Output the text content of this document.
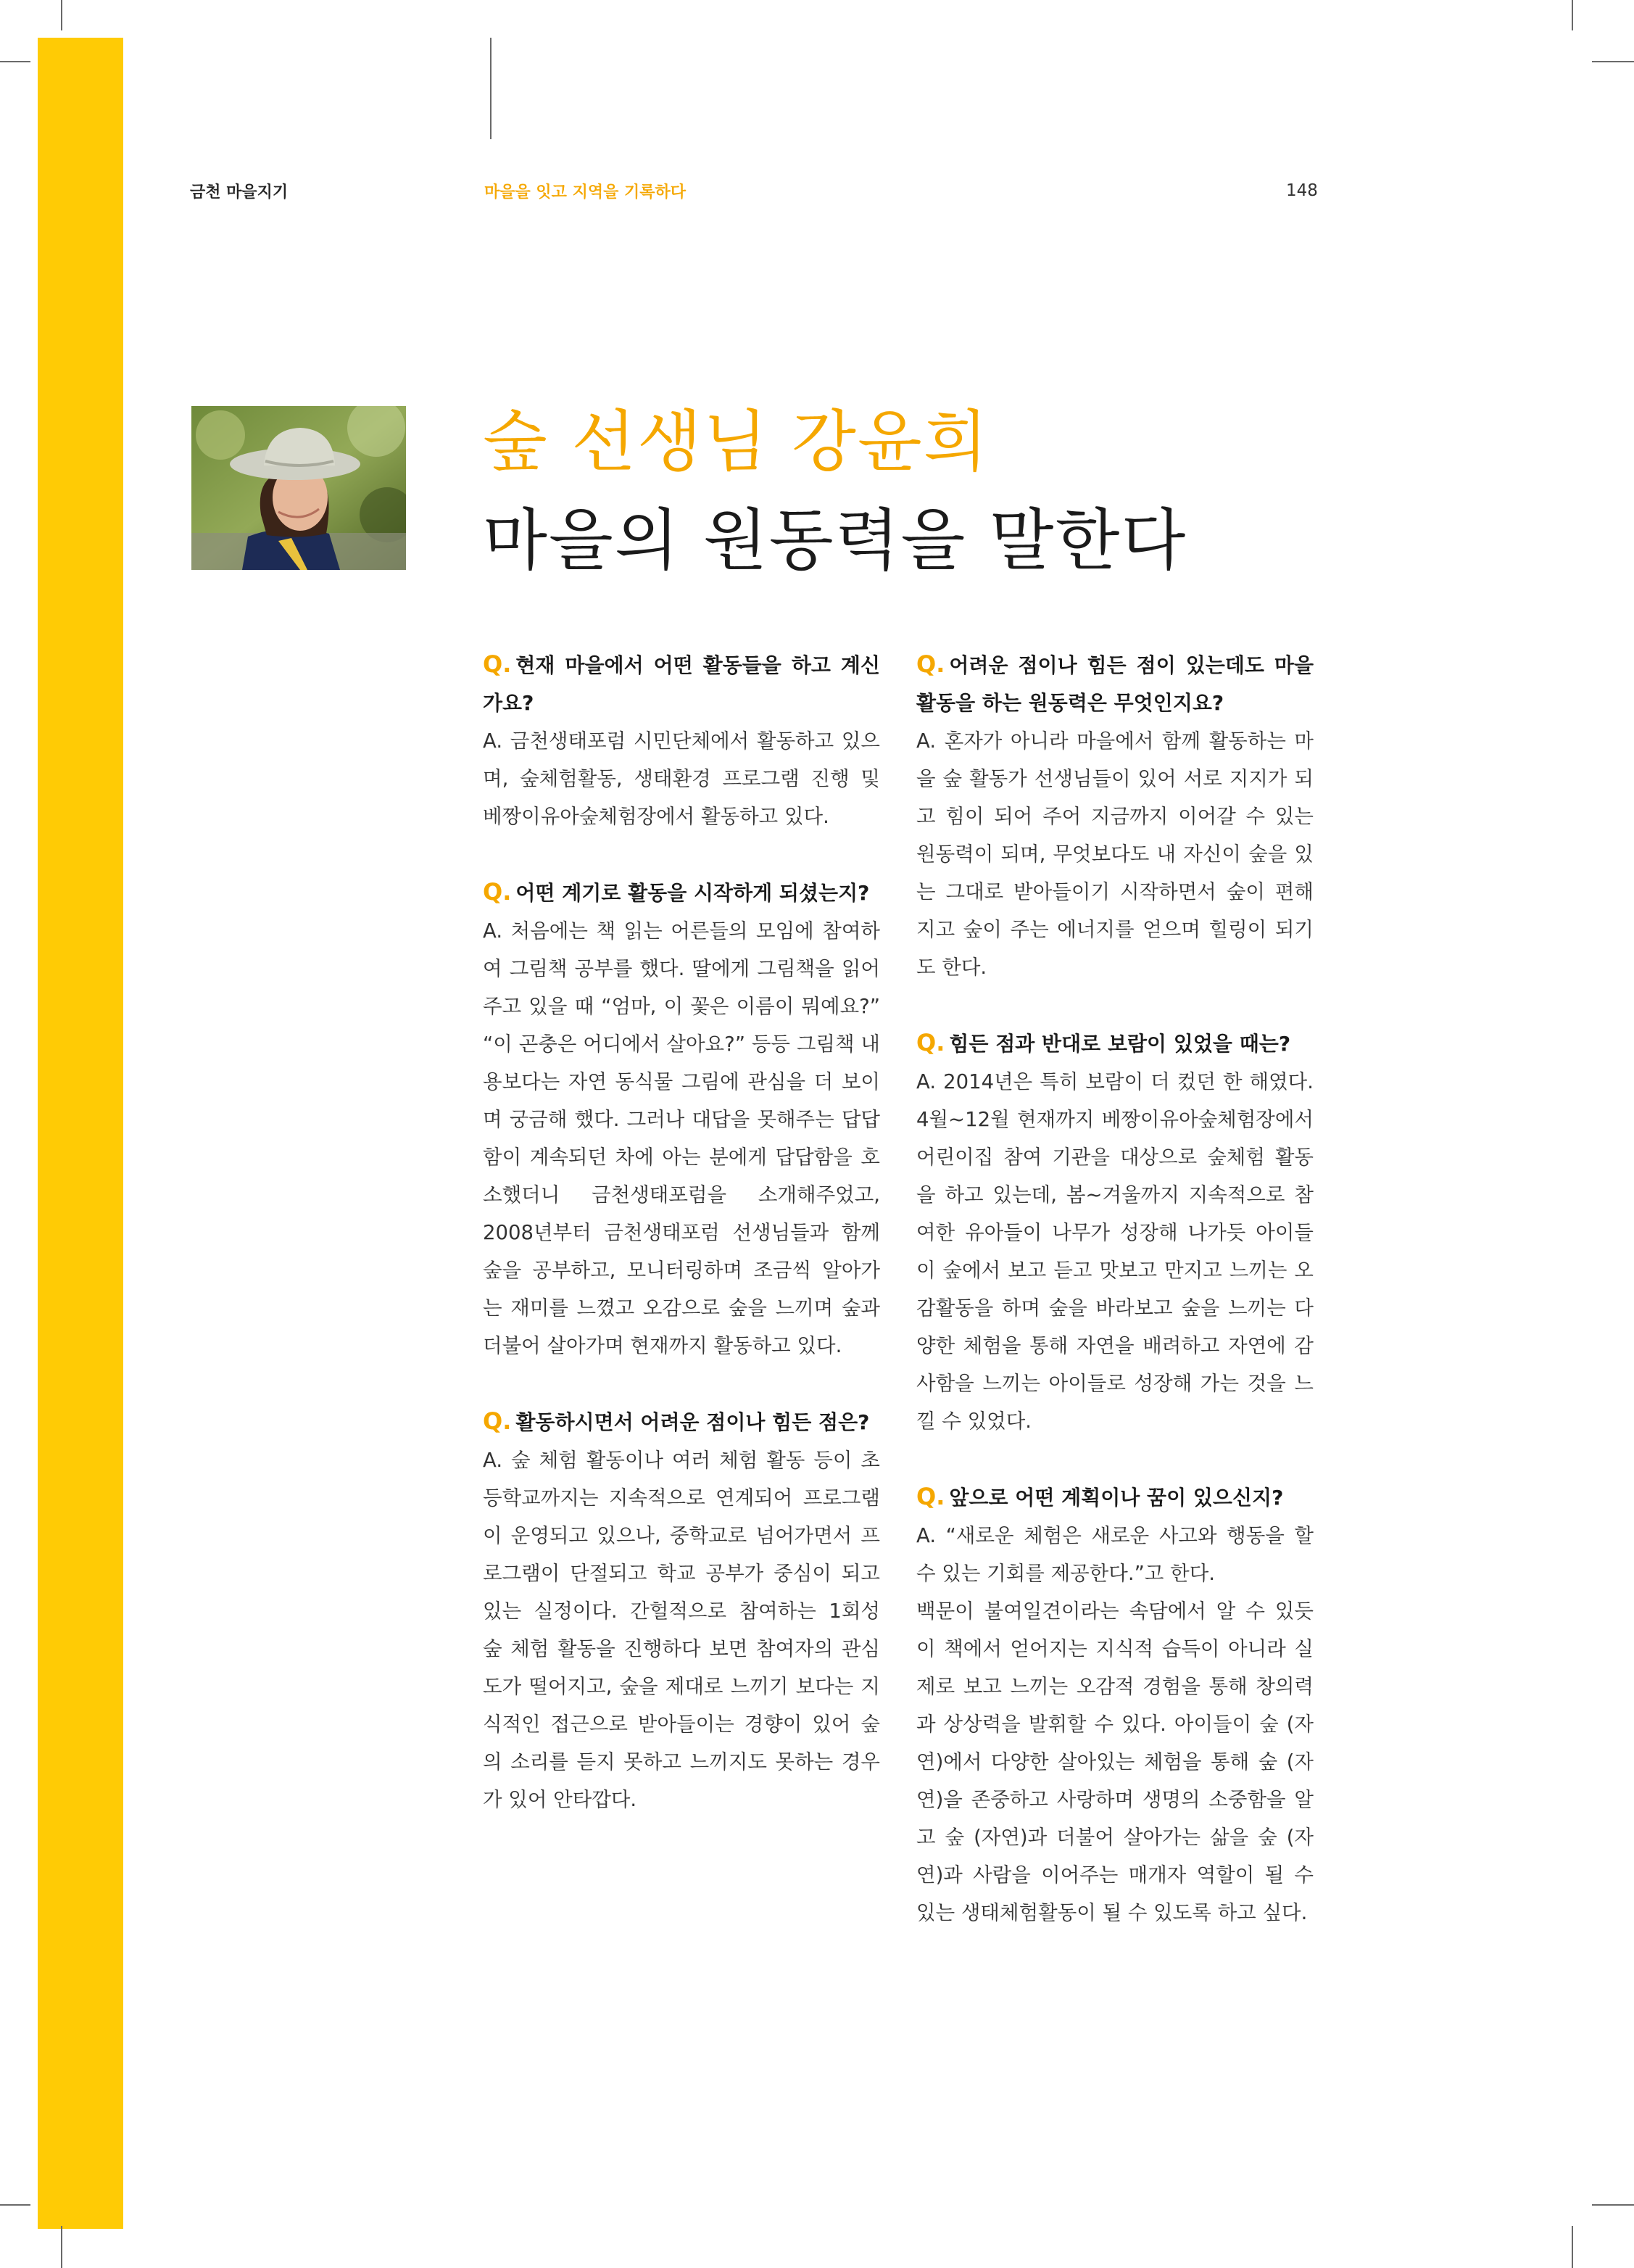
금천 마을지기	마을을 잇고 지역을 기록하다	148
숲 선생님 강윤희
마을의 원동력을 말한다
Q. 현재 마을에서 어떤 활동들을 하고 계신가요?

A. 금천생태포럼 시민단체에서 활동하고 있으며, 숲체험활동, 생태환경 프로그램 진행 및 베짱이유아숲체험장에서 활동하고 있다.

Q. 어떤 계기로 활동을 시작하게 되셨는지?

A. 처음에는 책 읽는 어른들의 모임에 참여하여 그림책 공부를 했다. 딸에게 그림책을 읽어주고 있을 때 “엄마, 이 꽃은 이름이 뭐예요?” “이 곤충은 어디에서 살아요?” 등등 그림책 내용보다는 자연 동식물 그림에 관심을 더 보이며 궁금해 했다. 그러나 대답을 못해주는 답답함이 계속되던 차에 아는 분에게 답답함을 호소했더니 금천생태포럼을 소개해주었고, 2008년부터 금천생태포럼 선생님들과 함께 숲을 공부하고, 모니터링하며 조금씩 알아가는 재미를 느꼈고 오감으로 숲을 느끼며 숲과 더불어 살아가며 현재까지 활동하고 있다.

Q. 활동하시면서 어려운 점이나 힘든 점은?

A. 숲 체험 활동이나 여러 체험 활동 등이 초등학교까지는 지속적으로 연계되어 프로그램이 운영되고 있으나, 중학교로 넘어가면서 프로그램이 단절되고 학교 공부가 중심이 되고 있는 실정이다. 간헐적으로 참여하는 1회성 숲 체험 활동을 진행하다 보면 참여자의 관심도가 떨어지고, 숲을 제대로 느끼기 보다는 지식적인 접근으로 받아들이는 경향이 있어 숲의 소리를 듣지 못하고 느끼지도 못하는 경우가 있어 안타깝다.

Q. 어려운 점이나 힘든 점이 있는데도 마을활동을 하는 원동력은 무엇인지요?

A. 혼자가 아니라 마을에서 함께 활동하는 마을 숲 활동가 선생님들이 있어 서로 지지가 되고 힘이 되어 주어 지금까지 이어갈 수 있는 원동력이 되며, 무엇보다도 내 자신이 숲을 있는 그대로 받아들이기 시작하면서 숲이 편해지고 숲이 주는 에너지를 얻으며 힐링이 되기도 한다.

Q. 힘든 점과 반대로 보람이 있었을 때는?

A. 2014년은 특히 보람이 더 컸던 한 해였다. 4월~12월 현재까지 베짱이유아숲체험장에서 어린이집 참여 기관을 대상으로 숲체험 활동을 하고 있는데, 봄~겨울까지 지속적으로 참여한 유아들이 나무가 성장해 나가듯 아이들이 숲에서 보고 듣고 맛보고 만지고 느끼는 오감활동을 하며 숲을 바라보고 숲을 느끼는 다양한 체험을 통해 자연을 배려하고 자연에 감사함을 느끼는 아이들로 성장해 가는 것을 느낄 수 있었다.

Q. 앞으로 어떤 계획이나 꿈이 있으신지?

A. “새로운 체험은 새로운 사고와 행동을 할 수 있는 기회를 제공한다.”고 한다.

백문이 불여일견이라는 속담에서 알 수 있듯이 책에서 얻어지는 지식적 습득이 아니라 실제로 보고 느끼는 오감적 경험을 통해 창의력과 상상력을 발휘할 수 있다. 아이들이 숲 (자연)에서 다양한 살아있는 체험을 통해 숲 (자연)을 존중하고 사랑하며 생명의 소중함을 알고 숲 (자연)과 더불어 살아가는 삶을 숲 (자연)과 사람을 이어주는 매개자 역할이 될 수 있는 생태체험활동이 될 수 있도록 하고 싶다.
